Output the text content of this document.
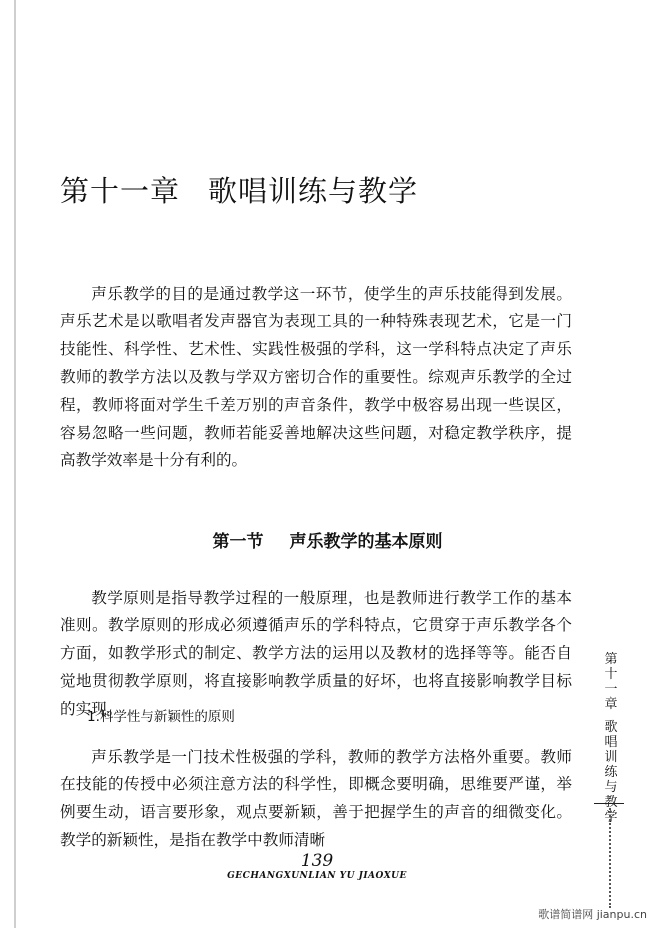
第十一章 歌唱训练与教学

声乐教学的目的是通过教学这一环节，使学生的声乐技能得到发展。声乐艺术是以歌唱者发声器官为表现工具的一种特殊表现艺术，它是一门技能性、科学性、艺术性、实践性极强的学科，这一学科特点决定了声乐教师的教学方法以及教与学双方密切合作的重要性。综观声乐教学的全过程，教师将面对学生千差万别的声音条件，教学中极容易出现一些误区，容易忽略一些问题，教师若能妥善地解决这些问题，对稳定教学秩序，提高教学效率是十分有利的。

第一节 声乐教学的基本原则

教学原则是指导教学过程的一般原理，也是教师进行教学工作的基本准则。教学原则的形成必须遵循声乐的学科特点，它贯穿于声乐教学各个方面，如教学形式的制定、教学方法的运用以及教材的选择等等。能否自觉地贯彻教学原则，将直接影响教学质量的好坏，也将直接影响教学目标的实现。

1.科学性与新颖性的原则

声乐教学是一门技术性极强的学科，教师的教学方法格外重要。教师在技能的传授中必须注意方法的科学性，即概念要明确，思维要严谨，举例要生动，语言要形象，观点要新颖，善于把握学生的声音的细微变化。教学的新颖性，是指在教学中教师清晰

139
GECHANGXUNLIAN YU JIAOXUE
第
十
一
章
歌
唱
训
练
与
教
学
歌谱简谱网 jianpu.cn
